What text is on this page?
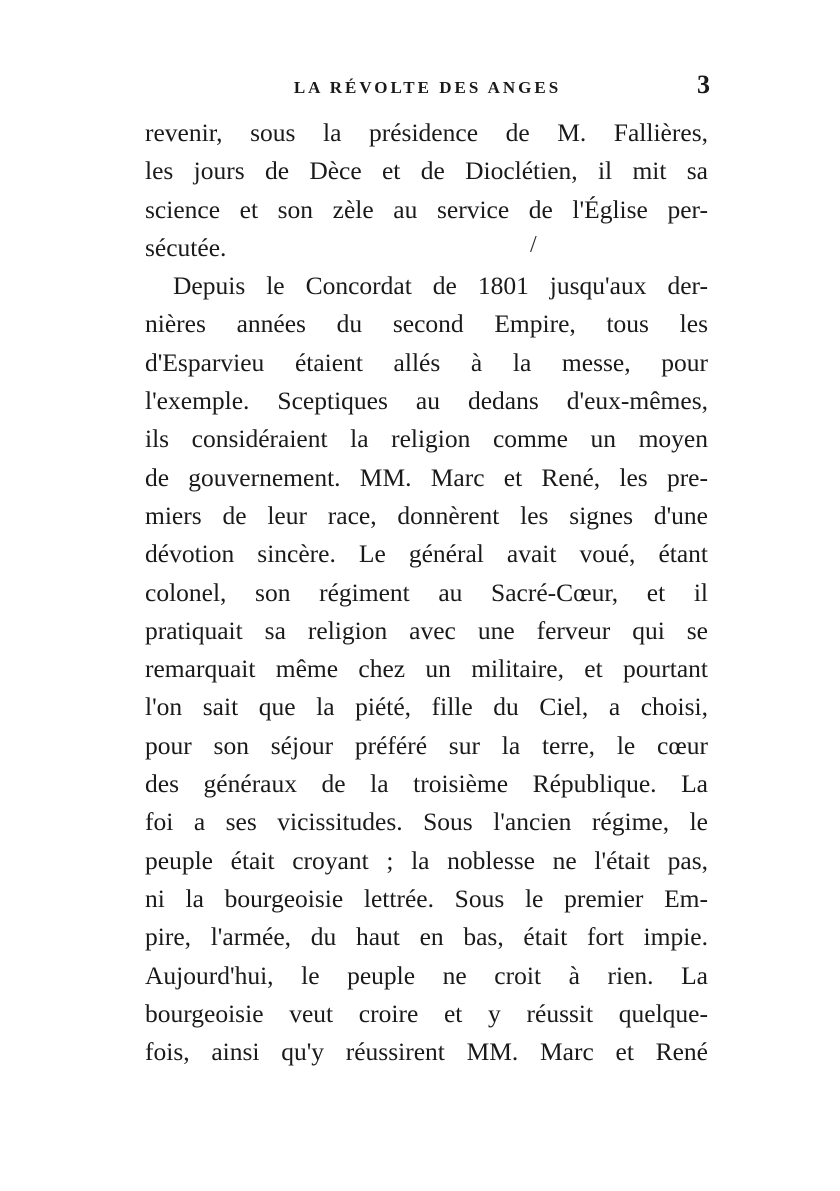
LA RÉVOLTE DES ANGES	3
/
revenir, sous la présidence de M. Fallières,
les jours de Dèce et de Dioclétien, il mit sa
science et son zèle au service de l'Église per-
sécutée.
Depuis le Concordat de 1801 jusqu'aux der-
nières années du second Empire, tous les
d'Esparvieu étaient allés à la messe, pour
l'exemple. Sceptiques au dedans d'eux-mêmes,
ils considéraient la religion comme un moyen
de gouvernement. MM. Marc et René, les pre-
miers de leur race, donnèrent les signes d'une
dévotion sincère. Le général avait voué, étant
colonel, son régiment au Sacré-Cœur, et il
pratiquait sa religion avec une ferveur qui se
remarquait même chez un militaire, et pourtant
l'on sait que la piété, fille du Ciel, a choisi,
pour son séjour préféré sur la terre, le cœur
des généraux de la troisième République. La
foi a ses vicissitudes. Sous l'ancien régime, le
peuple était croyant ; la noblesse ne l'était pas,
ni la bourgeoisie lettrée. Sous le premier Em-
pire, l'armée, du haut en bas, était fort impie.
Aujourd'hui, le peuple ne croit à rien. La
bourgeoisie veut croire et y réussit quelque-
fois, ainsi qu'y réussirent MM. Marc et René
